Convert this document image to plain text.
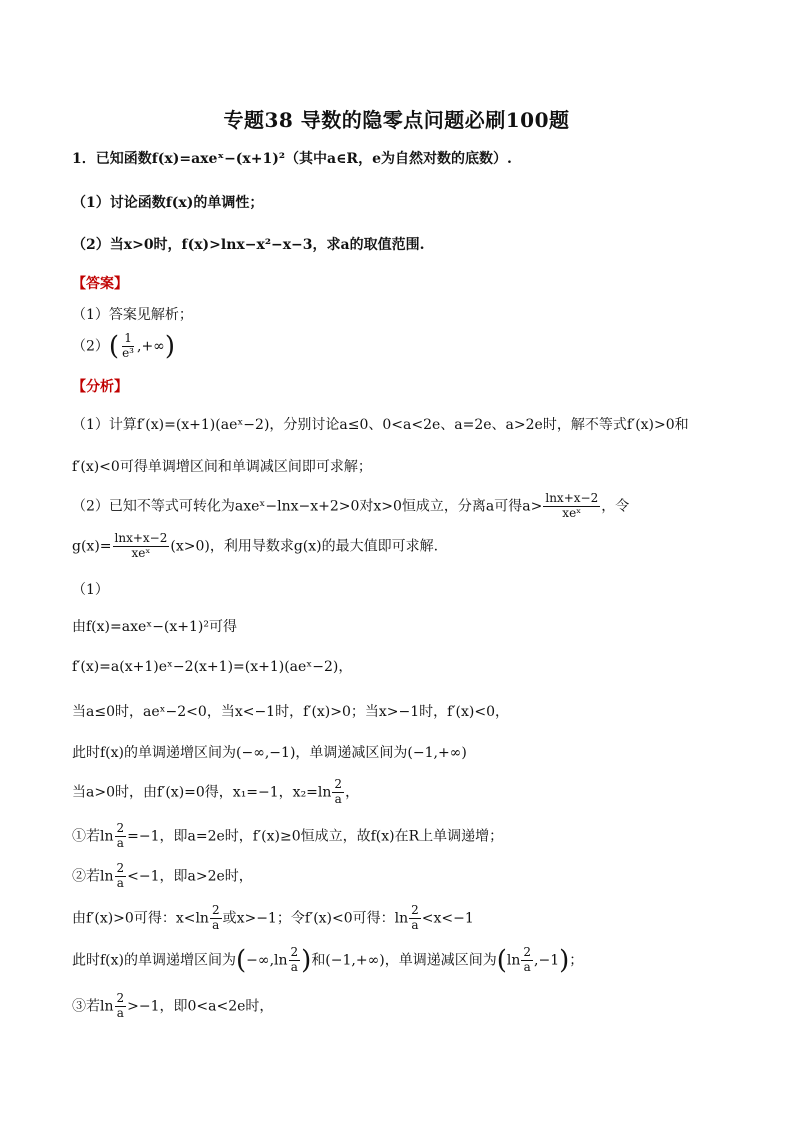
专题38 导数的隐零点问题必刷100题
1．已知函数f(x)=axeˣ−(x+1)²（其中a∈R，e为自然对数的底数）.
（1）讨论函数f(x)的单调性；
（2）当x>0时，f(x)>lnx−x²−x−3，求a的取值范围.
【答案】
（1）答案见解析；
$(2)( \frac{1}{\text{e³}}$ ,+∞)
【分析】
（1）计算f′(x)=(x+1)(aeˣ−2)，分别讨论a≤0、0<a<2e、a=2e、a>2e时，解不等式f′(x)>0和
f′(x)<0可得单调增区间和单调减区间即可求解；
（2）已知不等式可转化为axeˣ−lnx−x+2>0对x>0恒成立，分离a可得$a> \frac{\ln x+x-2}{\text{xeˣ}}$ ，令
$g(x)= \frac{\ln x+x-2}{\text{xeˣ}} (x>0)$，利用导数求g(x)的最大值即可求解.
（1）
由f(x)=axeˣ−(x+1)²可得
f′(x)=a(x+1)eˣ−2(x+1)=(x+1)(aeˣ−2)，
当a≤0时，aeˣ−2<0，当x<−1时，f′(x)>0；当x>−1时，f′(x)<0，
此时f(x)的单调递增区间为(−∞,−1)，单调递减区间为(−1,+∞)
当a>0时，由f′(x)=0得，x₁=−1，$x_2=\ln \frac{2}{a}$ ，
①若$\ln \frac{2}{a} =-1$，即a=2e时，f′(x)≥0恒成立，故f(x)在R上单调递增；
②若$\ln \frac{2}{a} <-1$，即a>2e时，
由f′(x)>0可得：$x<\ln \frac{2}{a}$ 或x>−1；令f′(x)<0可得：$\ln \frac{2}{a} <x<-1$
此时f(x)的单调递增区间为($-\infty,\ln \frac{2}{a}$ )和(−1,+∞)，单调递减区间为$(\ln \frac{2}{a} ,-1)$；
③若$\ln \frac{2}{a} >-1$，即0<a<2e时，
